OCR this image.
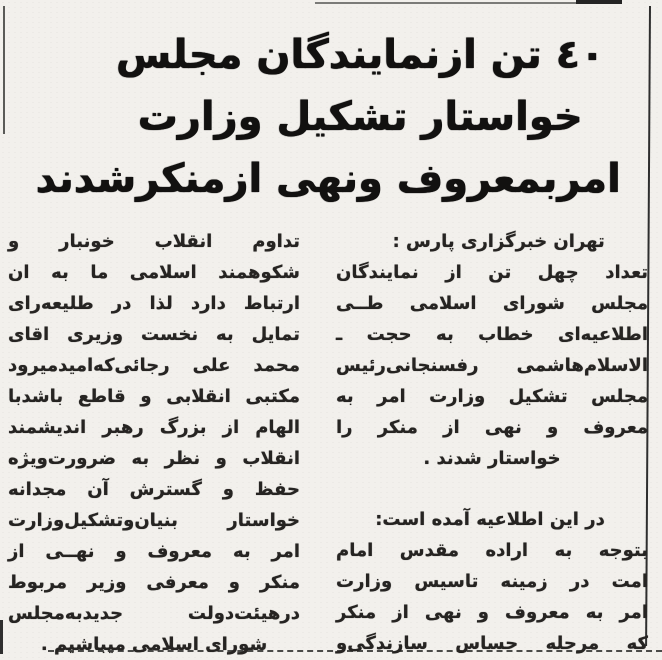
٤٠ تن ازنمایندگان مجلس
خواستار تشکیل وزارت
امربمعروف ونهی ازمنکرشدند
تهران خبرگزاری پارس :
تعداد چهل تن از نمایندگان
مجلس شورای اسلامی طــی
اطلاعیه‌ای خطاب به حجت ـ
الاسلام‌هاشمی رفسنجانی‌رئیس
مجلس تشکیل وزارت امر به
معروف و نهی از منکر را
خواستار شدند .
در این اطلاعیه آمده است:
بتوجه به اراده مقدس امام
امت در زمینه تاسیس وزارت
امر به معروف و نهی از منکر
که مرحله حساس سازندگی‌و
تداوم انقلاب خونبار و
شکوهمند اسلامی ما به ان
ارتباط دارد لذا در طلیعه‌رای
تمایل به نخست وزیری اقای
محمد علی رجائی‌که‌امیدمیرود
مکتبی انقلابی و قاطع باشدبا
الهام از بزرگ رهبر اندیشمند
انقلاب و نظر به ضرورت‌ویژه
حفظ و گسترش آن مجدانه
خواستار بنیان‌وتشکیل‌وزارت
امر به معروف و نهــی از
منکر و معرفی وزیر مربوط
درهیئت‌دولت جدیدبه‌مجلس
شورای اسلامی میباشیم .
